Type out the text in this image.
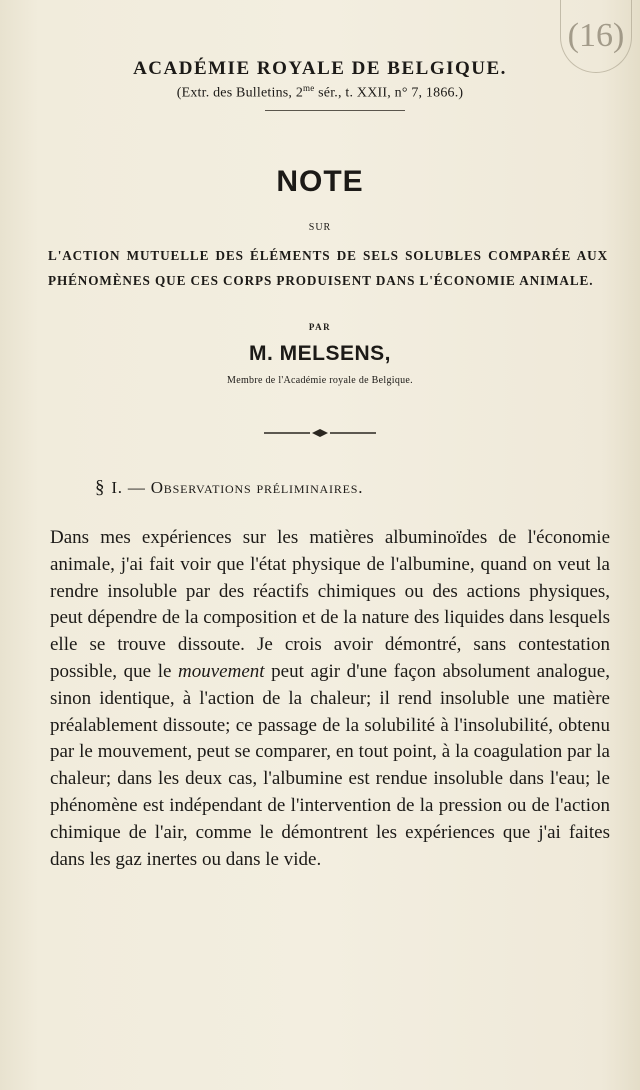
(16)
ACADÉMIE ROYALE DE BELGIQUE.
(Extr. des Bulletins, $2^{me}$ sér., t. XXII, n° 7, 1866.)
NOTE
SUR
L'ACTION MUTUELLE DES ÉLÉMENTS DE SELS SOLUBLES COMPARÉE AUX PHÉNOMÈNES QUE CES CORPS PRODUISENT DANS L'ÉCONOMIE ANIMALE.
PAR
M. MELSENS,
Membre de l'Académie royale de Belgique.
§ I. — Observations préliminaires.

Dans mes expériences sur les matières albuminoïdes de l'économie animale, j'ai fait voir que l'état physique de l'albumine, quand on veut la rendre insoluble par des réactifs chimiques ou des actions physiques, peut dépendre de la composition et de la nature des liquides dans lesquels elle se trouve dissoute. Je crois avoir démontré, sans contestation possible, que le mouvement peut agir d'une façon absolument analogue, sinon identique, à l'action de la chaleur; il rend insoluble une matière préalablement dissoute; ce passage de la solubilité à l'insolubilité, obtenu par le mouvement, peut se comparer, en tout point, à la coagulation par la chaleur; dans les deux cas, l'albumine est rendue insoluble dans l'eau; le phénomène est indépendant de l'intervention de la pression ou de l'action chimique de l'air, comme le démontrent les expériences que j'ai faites dans les gaz inertes ou dans le vide.
